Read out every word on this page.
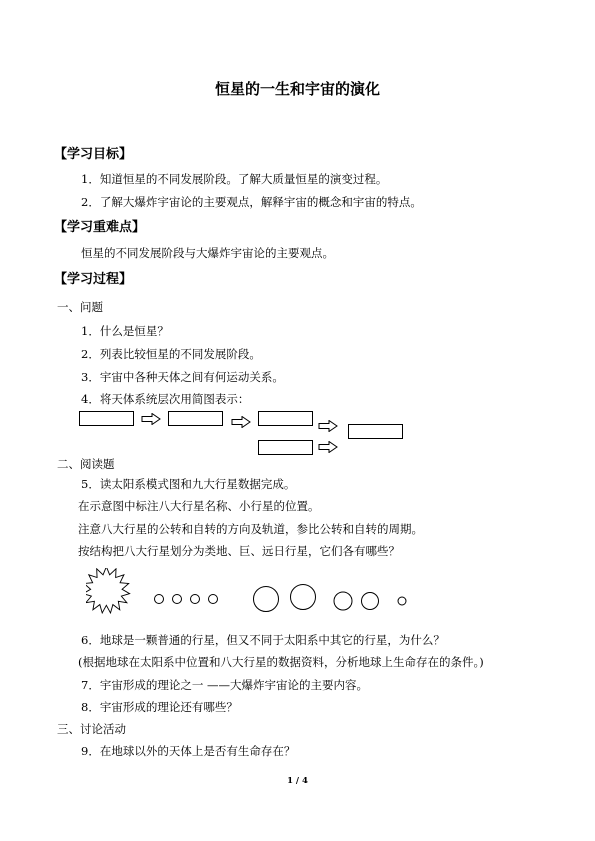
恒星的一生和宇宙的演化
【学习目标】
1．知道恒星的不同发展阶段。了解大质量恒星的演变过程。
2．了解大爆炸宇宙论的主要观点，解释宇宙的概念和宇宙的特点。
【学习重难点】
恒星的不同发展阶段与大爆炸宇宙论的主要观点。
【学习过程】
一、问题
1．什么是恒星？
2．列表比较恒星的不同发展阶段。
3．宇宙中各种天体之间有何运动关系。
4．将天体系统层次用简图表示：
二、阅读题
5．读太阳系模式图和九大行星数据完成。
在示意图中标注八大行星名称、小行星的位置。
注意八大行星的公转和自转的方向及轨道，参比公转和自转的周期。
按结构把八大行星划分为类地、巨、远日行星，它们各有哪些？
6．地球是一颗普通的行星，但又不同于太阳系中其它的行星，为什么？
(根据地球在太阳系中位置和八大行星的数据资料，分析地球上生命存在的条件。)
7．宇宙形成的理论之一 ——大爆炸宇宙论的主要内容。
8．宇宙形成的理论还有哪些？
三、讨论活动
9．在地球以外的天体上是否有生命存在？
1 / 4
